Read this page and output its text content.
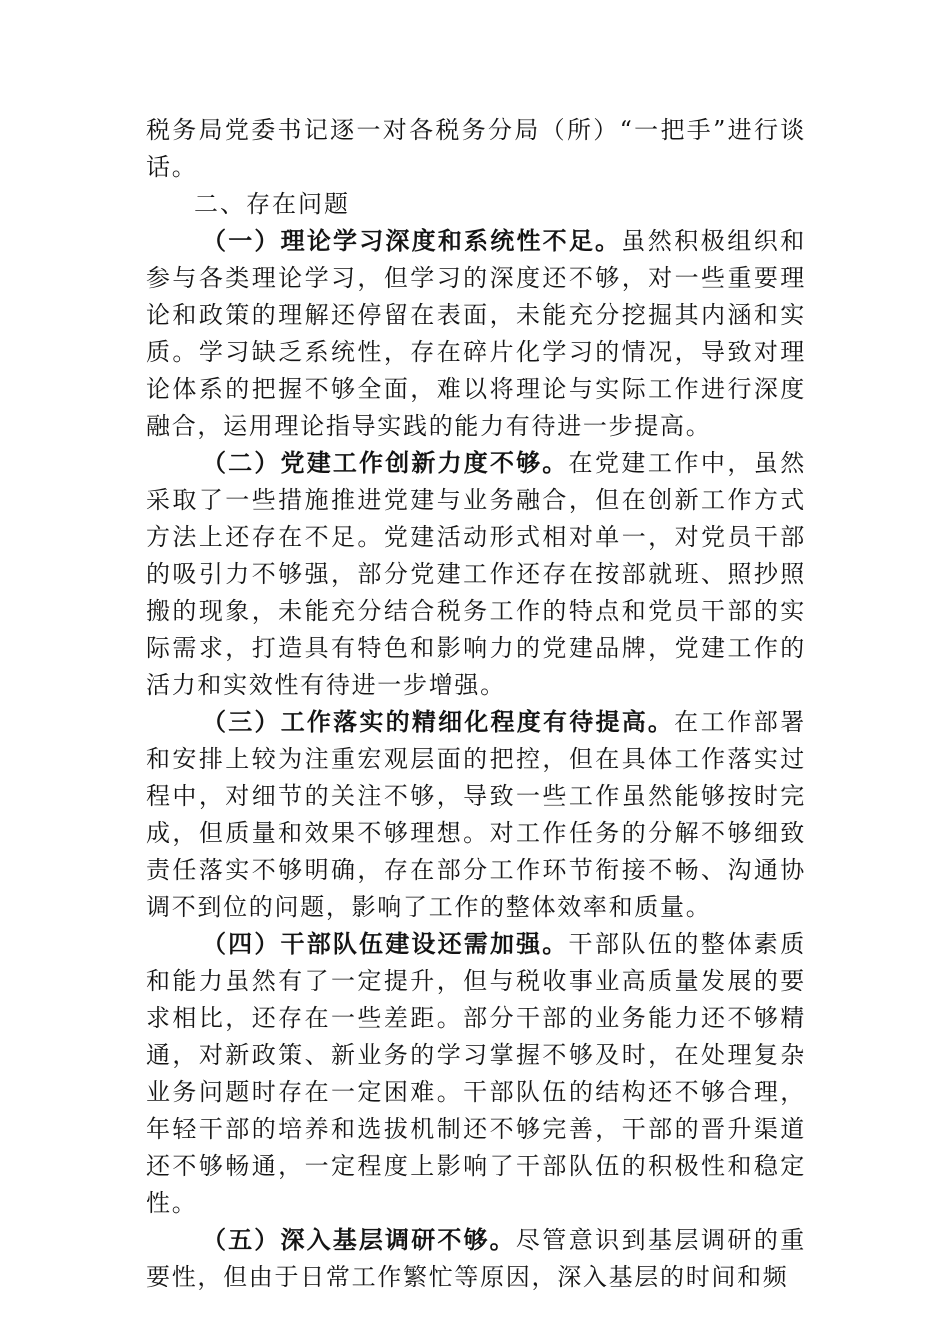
税务局党委书记逐一对各税务分局（所）“一把手”进行谈话。

二、存在问题

（一）理论学习深度和系统性不足。虽然积极组织和参与各类理论学习，但学习的深度还不够，对一些重要理论和政策的理解还停留在表面，未能充分挖掘其内涵和实质。学习缺乏系统性，存在碎片化学习的情况，导致对理论体系的把握不够全面，难以将理论与实际工作进行深度融合，运用理论指导实践的能力有待进一步提高。

（二）党建工作创新力度不够。在党建工作中，虽然采取了一些措施推进党建与业务融合，但在创新工作方式方法上还存在不足。党建活动形式相对单一，对党员干部的吸引力不够强，部分党建工作还存在按部就班、照抄照搬的现象，未能充分结合税务工作的特点和党员干部的实际需求，打造具有特色和影响力的党建品牌，党建工作的活力和实效性有待进一步增强。

（三）工作落实的精细化程度有待提高。在工作部署和安排上较为注重宏观层面的把控，但在具体工作落实过程中，对细节的关注不够，导致一些工作虽然能够按时完成，但质量和效果不够理想。对工作任务的分解不够细致责任落实不够明确，存在部分工作环节衔接不畅、沟通协调不到位的问题，影响了工作的整体效率和质量。

（四）干部队伍建设还需加强。干部队伍的整体素质和能力虽然有了一定提升，但与税收事业高质量发展的要求相比，还存在一些差距。部分干部的业务能力还不够精通，对新政策、新业务的学习掌握不够及时，在处理复杂业务问题时存在一定困难。干部队伍的结构还不够合理，年轻干部的培养和选拔机制还不够完善，干部的晋升渠道还不够畅通，一定程度上影响了干部队伍的积极性和稳定性。

（五）深入基层调研不够。尽管意识到基层调研的重要性，但由于日常工作繁忙等原因，深入基层的时间和频
